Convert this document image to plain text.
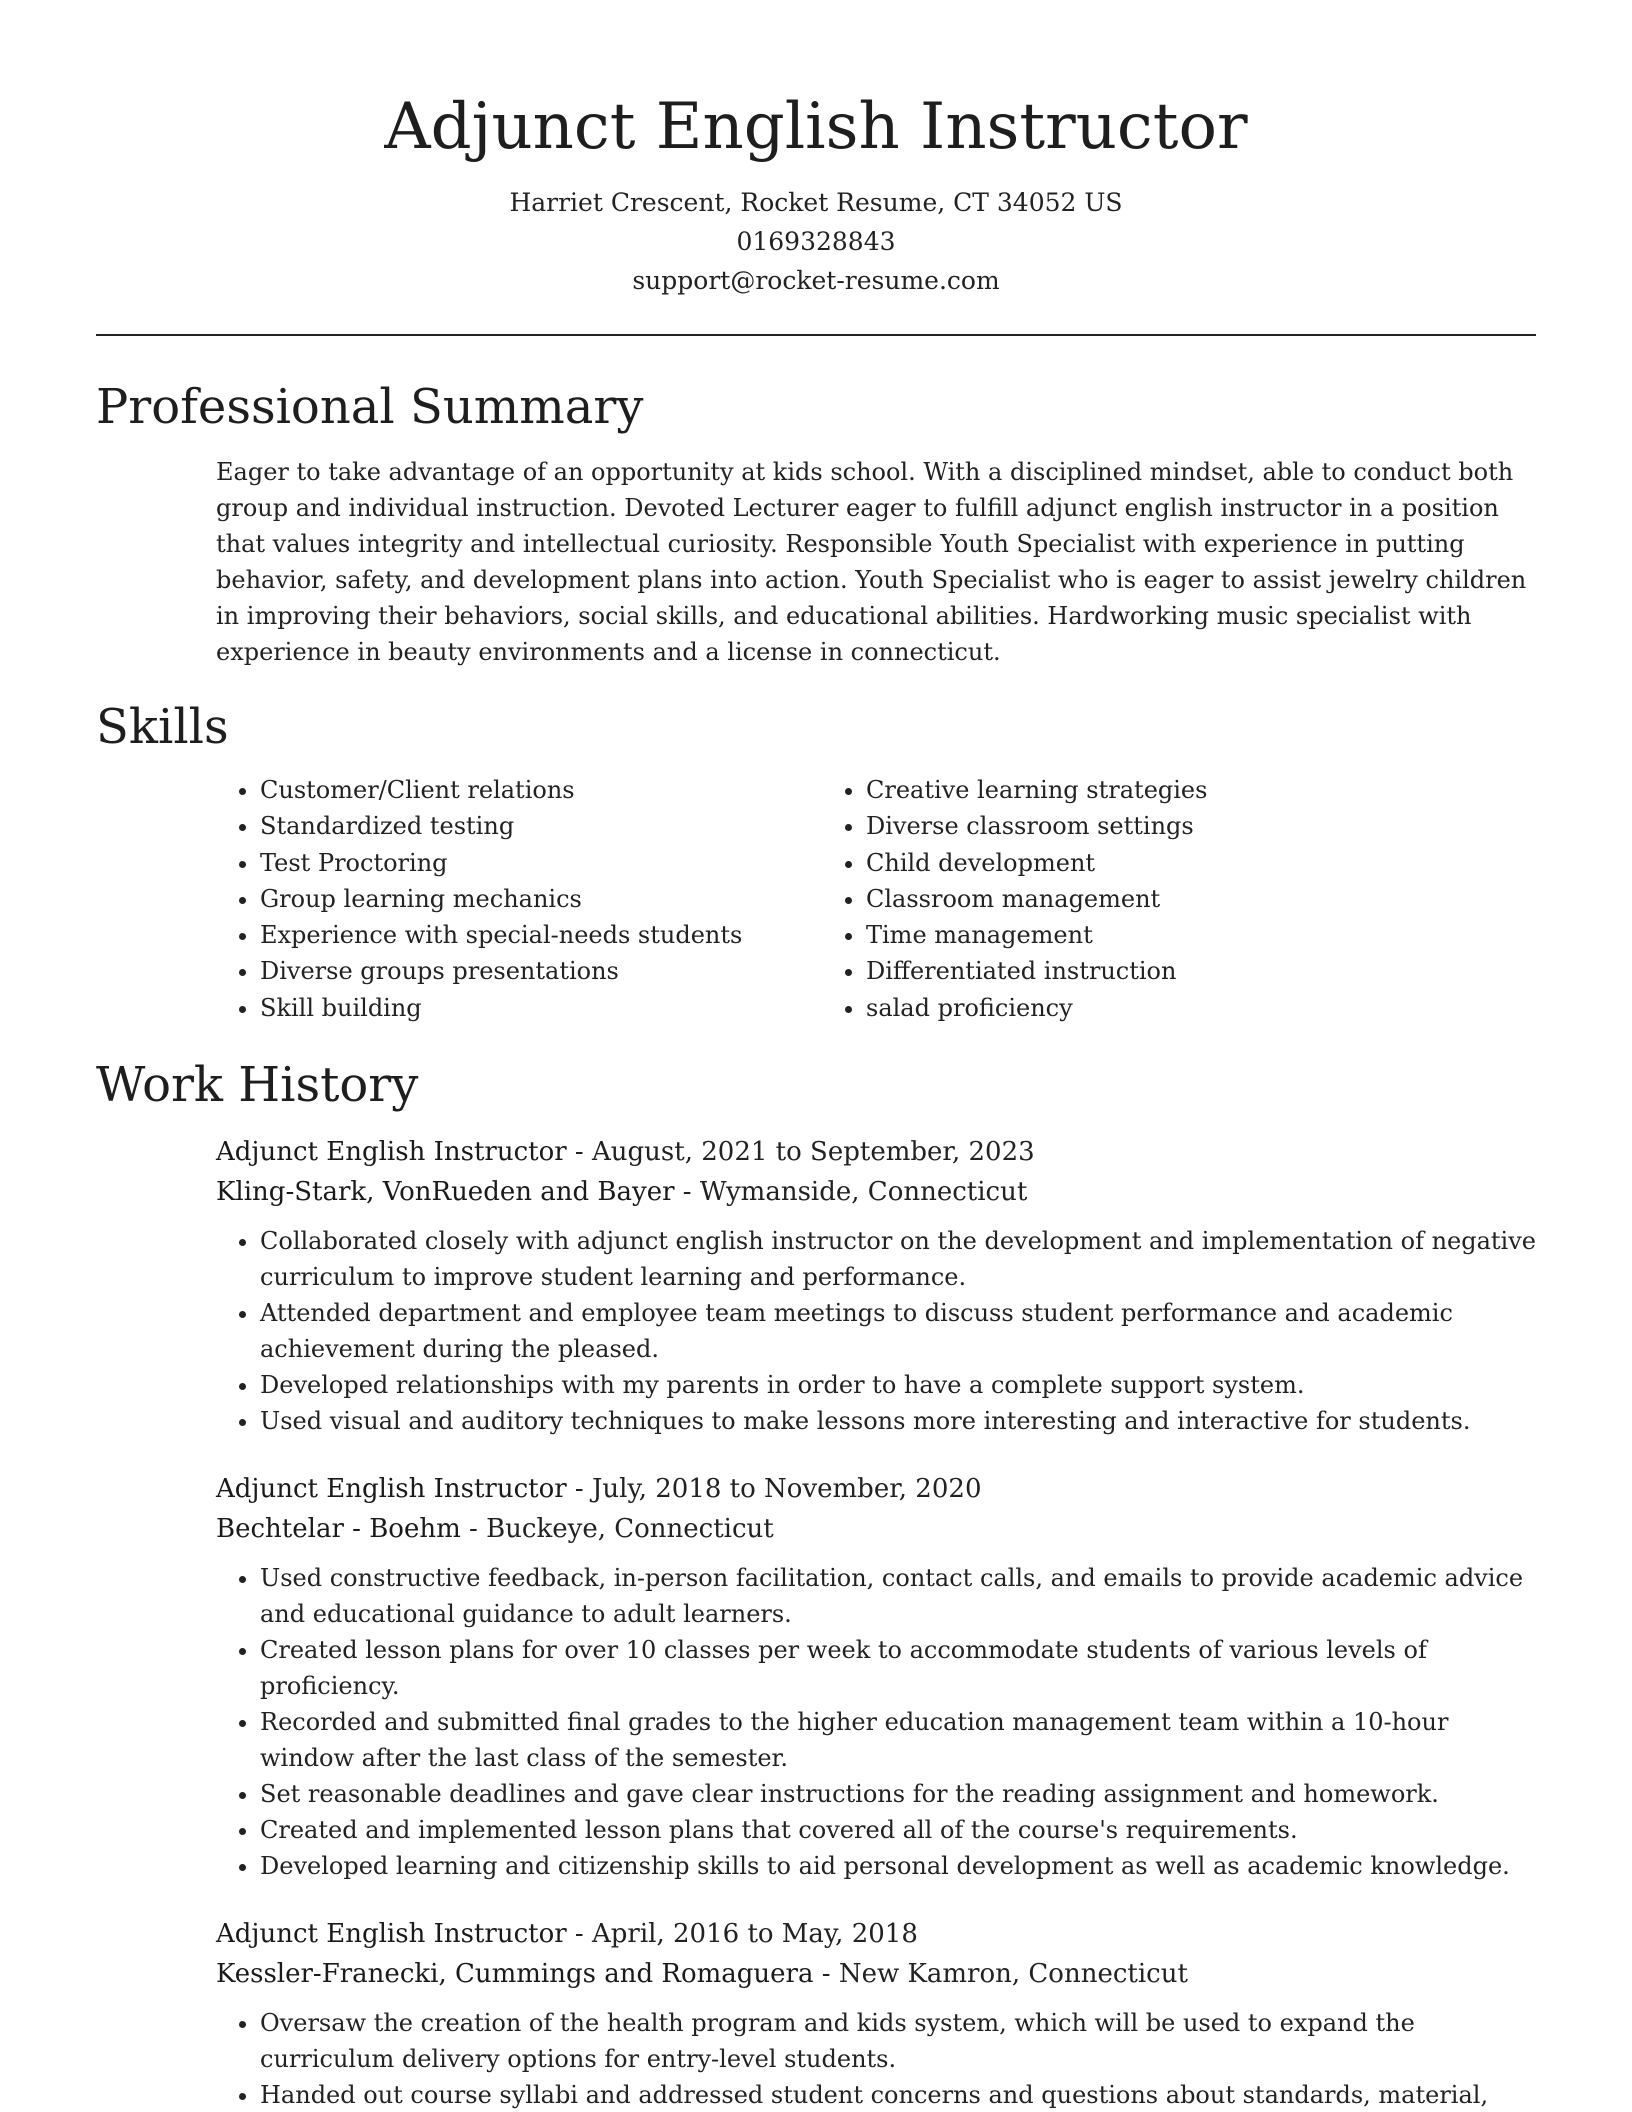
Adjunct English Instructor
Harriet Crescent, Rocket Resume, CT 34052 US
0169328843
support@rocket-resume.com
Professional Summary

Eager to take advantage of an opportunity at kids school. With a disciplined mindset, able to conduct both group and individual instruction. Devoted Lecturer eager to fulfill adjunct english instructor in a position that values integrity and intellectual curiosity. Responsible Youth Specialist with experience in putting behavior, safety, and development plans into action. Youth Specialist who is eager to assist jewelry children in improving their behaviors, social skills, and educational abilities. Hardworking music specialist with experience in beauty environments and a license in connecticut.

Skills
• Customer/Client relations
• Standardized testing
• Test Proctoring
• Group learning mechanics
• Experience with special-needs students
• Diverse groups presentations
• Skill building
• Creative learning strategies
• Diverse classroom settings
• Child development
• Classroom management
• Time management
• Differentiated instruction
• salad proficiency
Work History
Adjunct English Instructor - August, 2021 to September, 2023
Kling-Stark, VonRueden and Bayer - Wymanside, Connecticut
• Collaborated closely with adjunct english instructor on the development and implementation of negative curriculum to improve student learning and performance.
• Attended department and employee team meetings to discuss student performance and academic achievement during the pleased.
• Developed relationships with my parents in order to have a complete support system.
• Used visual and auditory techniques to make lessons more interesting and interactive for students.
Adjunct English Instructor - July, 2018 to November, 2020
Bechtelar - Boehm - Buckeye, Connecticut
• Used constructive feedback, in-person facilitation, contact calls, and emails to provide academic advice and educational guidance to adult learners.
• Created lesson plans for over 10 classes per week to accommodate students of various levels of proficiency.
• Recorded and submitted final grades to the higher education management team within a 10-hour window after the last class of the semester.
• Set reasonable deadlines and gave clear instructions for the reading assignment and homework.
• Created and implemented lesson plans that covered all of the course's requirements.
• Developed learning and citizenship skills to aid personal development as well as academic knowledge.
Adjunct English Instructor - April, 2016 to May, 2018
Kessler-Franecki, Cummings and Romaguera - New Kamron, Connecticut
• Oversaw the creation of the health program and kids system, which will be used to expand the curriculum delivery options for entry-level students.
• Handed out course syllabi and addressed student concerns and questions about standards, material,
